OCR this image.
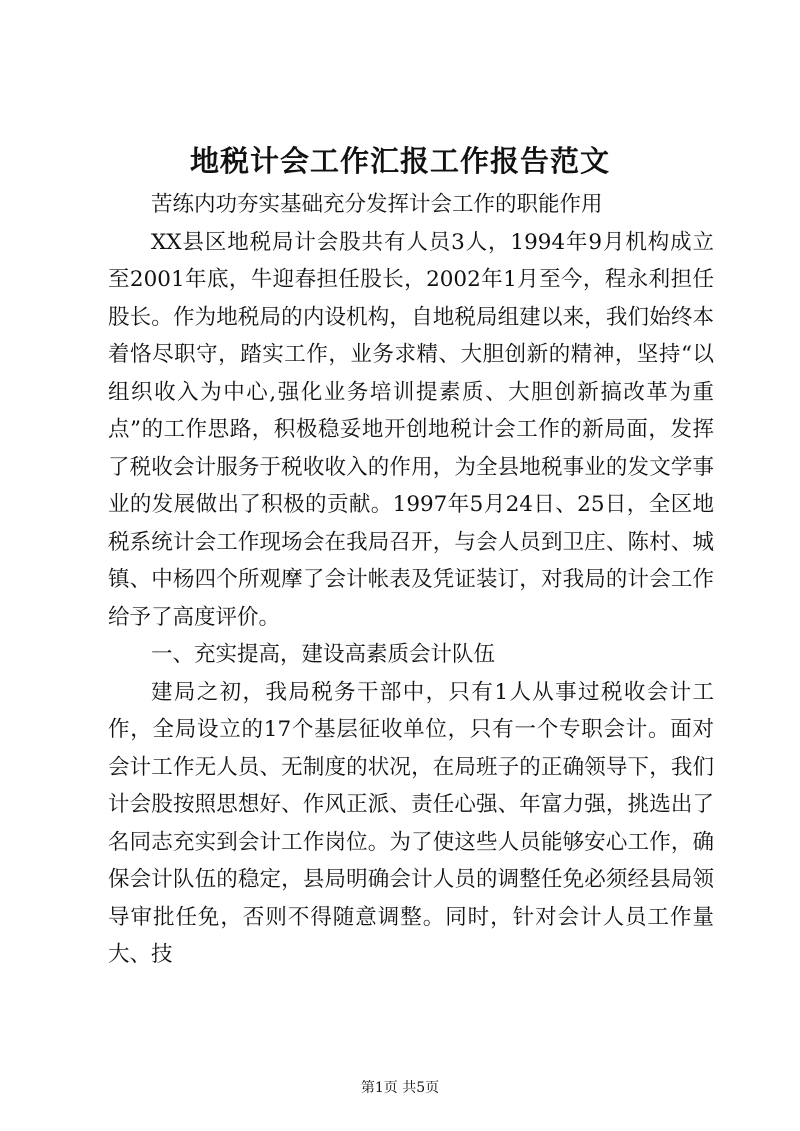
地税计会工作汇报工作报告范文

苦练内功夯实基础充分发挥计会工作的职能作用

XX县区地税局计会股共有人员3人，1994年9月机构成立至2001年底，牛迎春担任股长，2002年1月至今，程永利担任股长。作为地税局的内设机构，自地税局组建以来，我们始终本着恪尽职守，踏实工作，业务求精、大胆创新的精神，坚持“以组织收入为中心,强化业务培训提素质、大胆创新搞改革为重点”的工作思路，积极稳妥地开创地税计会工作的新局面，发挥了税收会计服务于税收收入的作用，为全县地税事业的发文学事业的发展做出了积极的贡献。1997年5月24日、25日，全区地税系统计会工作现场会在我局召开，与会人员到卫庄、陈村、城镇、中杨四个所观摩了会计帐表及凭证装订，对我局的计会工作给予了高度评价。

一、充实提高，建设高素质会计队伍

建局之初，我局税务干部中，只有1人从事过税收会计工作，全局设立的17个基层征收单位，只有一个专职会计。面对会计工作无人员、无制度的状况，在局班子的正确领导下，我们计会股按照思想好、作风正派、责任心强、年富力强，挑选出了名同志充实到会计工作岗位。为了使这些人员能够安心工作，确保会计队伍的稳定，县局明确会计人员的调整任免必须经县局领导审批任免，否则不得随意调整。同时，针对会计人员工作量大、技

第1页 共5页
